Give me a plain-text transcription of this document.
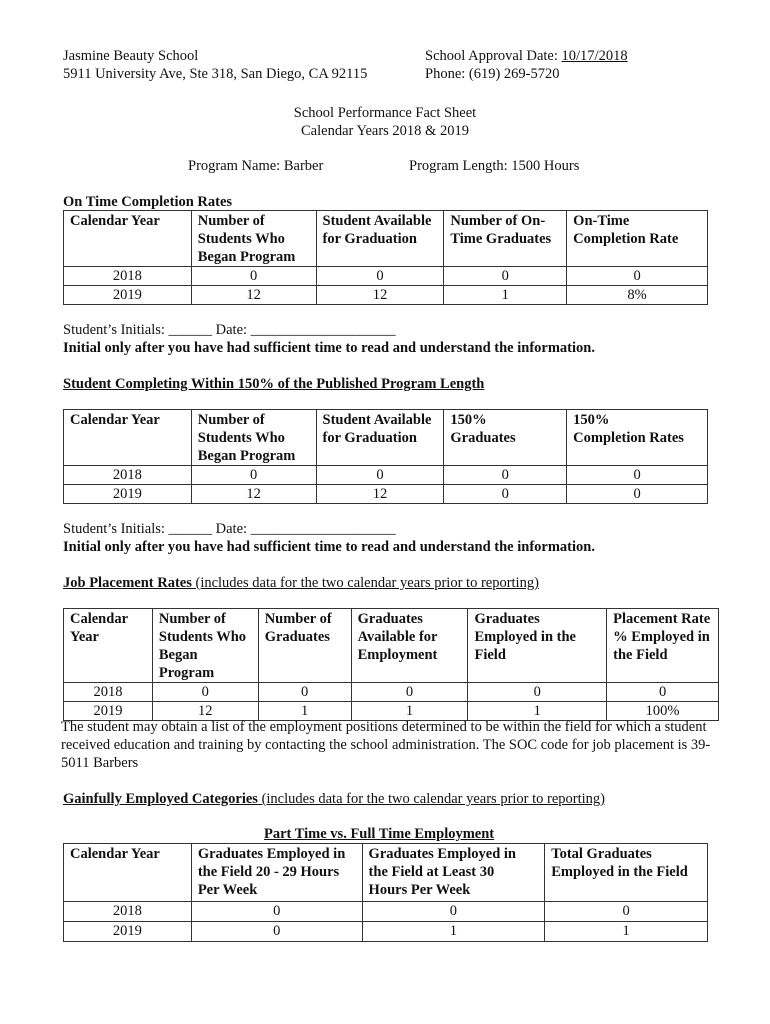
Jasmine Beauty School
5911 University Ave, Ste 318, San Diego, CA 92115
School Approval Date: 10/17/2018
Phone: (619) 269-5720
School Performance Fact Sheet
Calendar Years 2018 & 2019
Program Name: Barber	Program Length: 1500 Hours
On Time Completion Rates
Calendar Year	Number of
Students Who
Began Program	Student Available
for Graduation	Number of On-
Time Graduates	On-Time
Completion Rate
2018	0	0	0	0
2019	12	12	1	8%
Student’s Initials: ______ Date: ____________________
Initial only after you have had sufficient time to read and understand the information.
Student Completing Within 150% of the Published Program Length
Calendar Year	Number of
Students Who
Began Program	Student Available
for Graduation	150%
Graduates	150%
Completion Rates
2018	0	0	0	0
2019	12	12	0	0
Student’s Initials: ______ Date: ____________________
Initial only after you have had sufficient time to read and understand the information.
Job Placement Rates (includes data for the two calendar years prior to reporting)
Calendar
Year	Number of
Students Who
Began
Program	Number of
Graduates	Graduates
Available for
Employment	Graduates
Employed in the
Field	Placement Rate
% Employed in
the Field
2018	0	0	0	0	0
2019	12	1	1	1	100%
The student may obtain a list of the employment positions determined to be within the field for which a student received education and training by contacting the school administration. The SOC code for job placement is 39-5011 Barbers
Gainfully Employed Categories (includes data for the two calendar years prior to reporting)
Part Time vs. Full Time Employment
Calendar Year	Graduates Employed in
the Field 20 - 29 Hours
Per Week	Graduates Employed in
the Field at Least 30
Hours Per Week	Total Graduates
Employed in the Field
2018	0	0	0
2019	0	1	1
